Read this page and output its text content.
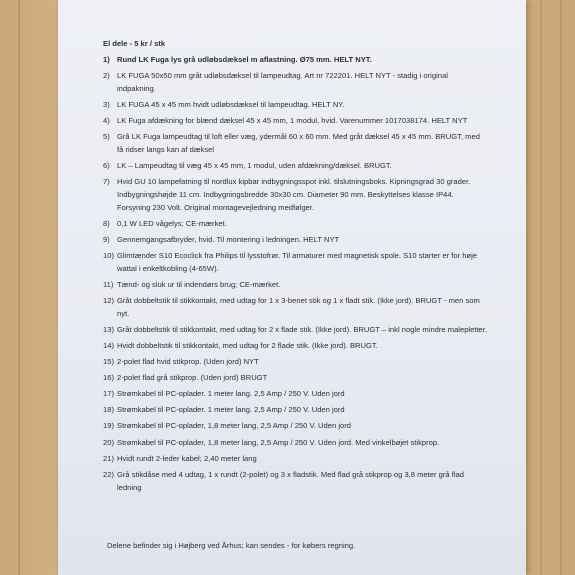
El dele - 5 kr / stk
1) Rund LK Fuga lys grå udløbsdæksel m aflastning. Ø75 mm. HELT NYT.
2) LK FUGA 50x50 mm gråt udløbsdæksel til lampeudtag. Art nr 722201. HELT NYT - stadig i original indpakning.
3) LK FUGA 45 x 45 mm hvidt udløbsdæksel til lampeudtag. HELT NY.
4) LK Fuga afdækning for blænd dæksel 45 x 45 mm, 1 modul, hvid. Varenummer 1017038174. HELT NYT
5) Grå LK Fuga lampeudtag til loft eller væg, ydermål 60 x 60 mm. Med gråt dæksel 45 x 45 mm. BRUGT, med få ridser langs kan af dæksel
6) LK – Lampeudtag til væg 45 x 45 mm, 1 modul, uden afdækning/dæksel. BRUGT.
7) Hvid GU 10 lampefatning til nordlux kipbar indbygningsspot inkl. tilslutningsboks. Kipningsgrad 30 grader. Indbygningshøjde 11 cm. Indbygningsbredde 30x30 cm. Diameter 90 mm. Beskyttelses klasse IP44. Forsyning 230 Volt. Original montagevejledning medfølger.
8) 0,1 W LED vågelys; CE-mærket.
9) Gennemgangsafbryder, hvid. Til montering i ledningen. HELT NYT
10) Glimtænder S10 Ecoclick fra Philips til lysstofrør. Til armaturer med magnetisk spole. S10 starter er for høje wattal i enkeltkobling (4-65W).
11) Tænd- og sluk ur til indendørs brug; CE-mærket.
12) Gråt dobbeltstik til stikkontakt, med udtag for 1 x 3-benet stik og 1 x fladt stik. (Ikke jord). BRUGT - men som nyt.
13) Gråt dobbeltstik til stikkontakt, med udtag for 2 x flade stik. (Ikke jord). BRUGT – inkl nogle mindre malepletter.
14) Hvidt dobbeltstik til stikkontakt, med udtag for 2 flade stik. (Ikke jord). BRUGT.
15) 2-polet flad hvid stikprop. (Uden jord) NYT
16) 2-polet flad grå stikprop. (Uden jord) BRUGT
17) Strømkabel til PC-oplader. 1 meter lang. 2,5 Amp / 250 V. Uden jord
18) Strømkabel til PC-oplader. 1 meter lang. 2,5 Amp / 250 V. Uden jord
19) Strømkabel til PC-oplader, 1,8 meter lang, 2,5 Amp / 250 V. Uden jord
20) Strømkabel til PC-oplader, 1,8 meter lang, 2,5 Amp / 250 V. Uden jord. Med vinkelbøjet stikprop.
21) Hvidt rundt 2-leder kabel; 2,40 meter lang
22) Grå stikdåse med 4 udtag, 1 x rundt (2-polet) og 3 x fladstik. Med flad grå stikprop og 3,8 meter grå flad ledning
Delene befinder sig i Højberg ved Århus; kan sendes - for købers regning.
